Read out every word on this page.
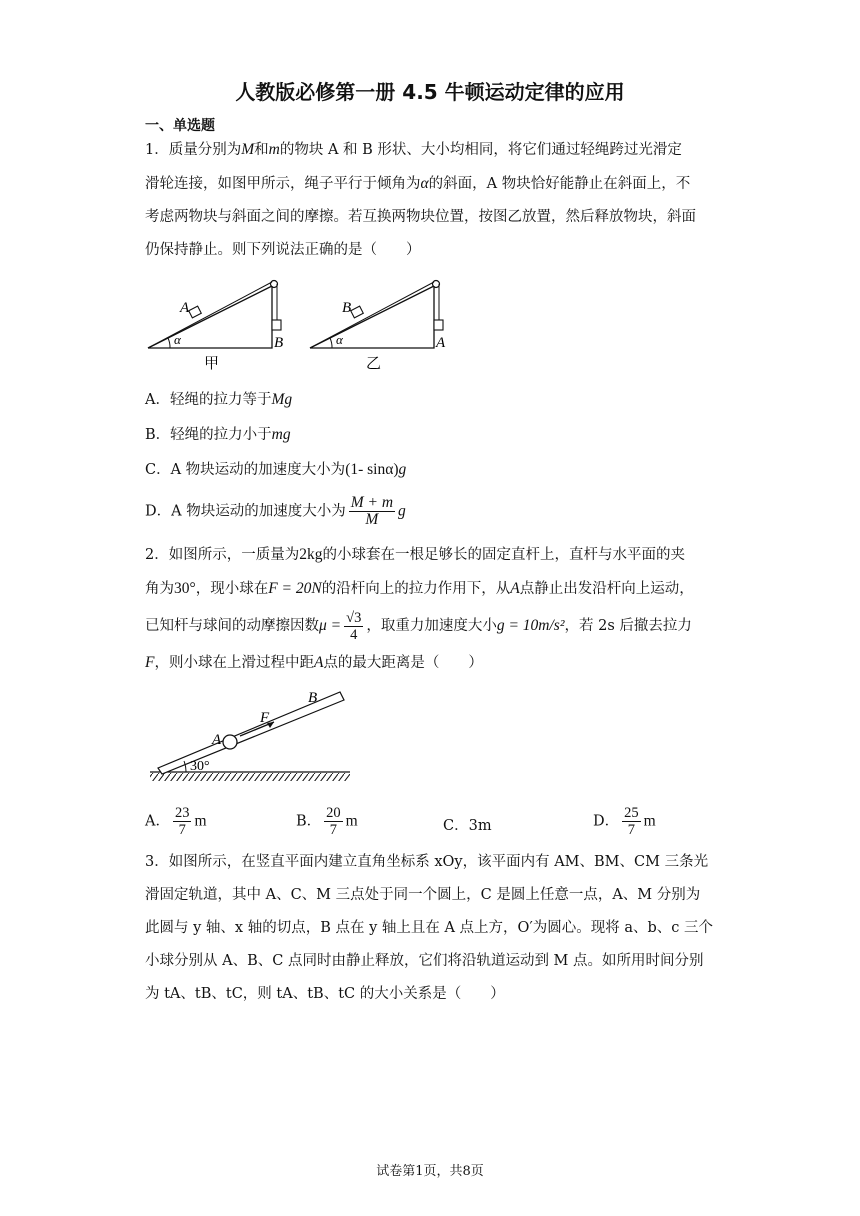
人教版必修第一册 4.5 牛顿运动定律的应用
一、单选题
1．质量分别为M和m的物块 A 和 B 形状、大小均相同，将它们通过轻绳跨过光滑定
滑轮连接，如图甲所示，绳子平行于倾角为α的斜面，A 物块恰好能静止在斜面上，不
考虑两物块与斜面之间的摩擦。若互换两物块位置，按图乙放置，然后释放物块，斜面
仍保持静止。则下列说法正确的是（　　）
A
B
α
甲
B
A
α
乙
A．轻绳的拉力等于Mg
B．轻绳的拉力小于mg
C．A 物块运动的加速度大小为(1- sinα)g
D．A 物块运动的加速度大小为 $\frac{M + m}{M}$ g
2．如图所示，一质量为2kg的小球套在一根足够长的固定直杆上，直杆与水平面的夹
角为30°，现小球在F = 20N的沿杆向上的拉力作用下，从A点静止出发沿杆向上运动，
已知杆与球间的动摩擦因数$\mu = \frac{√3}{4}$ ，取重力加速度大小g = 10m/s²，若 2s 后撤去拉力
F，则小球在上滑过程中距A点的最大距离是（　　）
B
F
A
30°
A． $\frac{23}{7}$ m	B． $\frac{20}{7}$ m	C．3m	D． $\frac{25}{7}$ m
3．如图所示，在竖直平面内建立直角坐标系 xOy，该平面内有 AM、BM、CM 三条光
滑固定轨道，其中 A、C、M 三点处于同一个圆上，C 是圆上任意一点，A、M 分别为
此圆与 y 轴、x 轴的切点，B 点在 y 轴上且在 A 点上方，O′为圆心。现将 a、b、c 三个
小球分别从 A、B、C 点同时由静止释放，它们将沿轨道运动到 M 点。如所用时间分别
为 tA、tB、tC，则 tA、tB、tC 的大小关系是（　　）
试卷第1页，共8页
